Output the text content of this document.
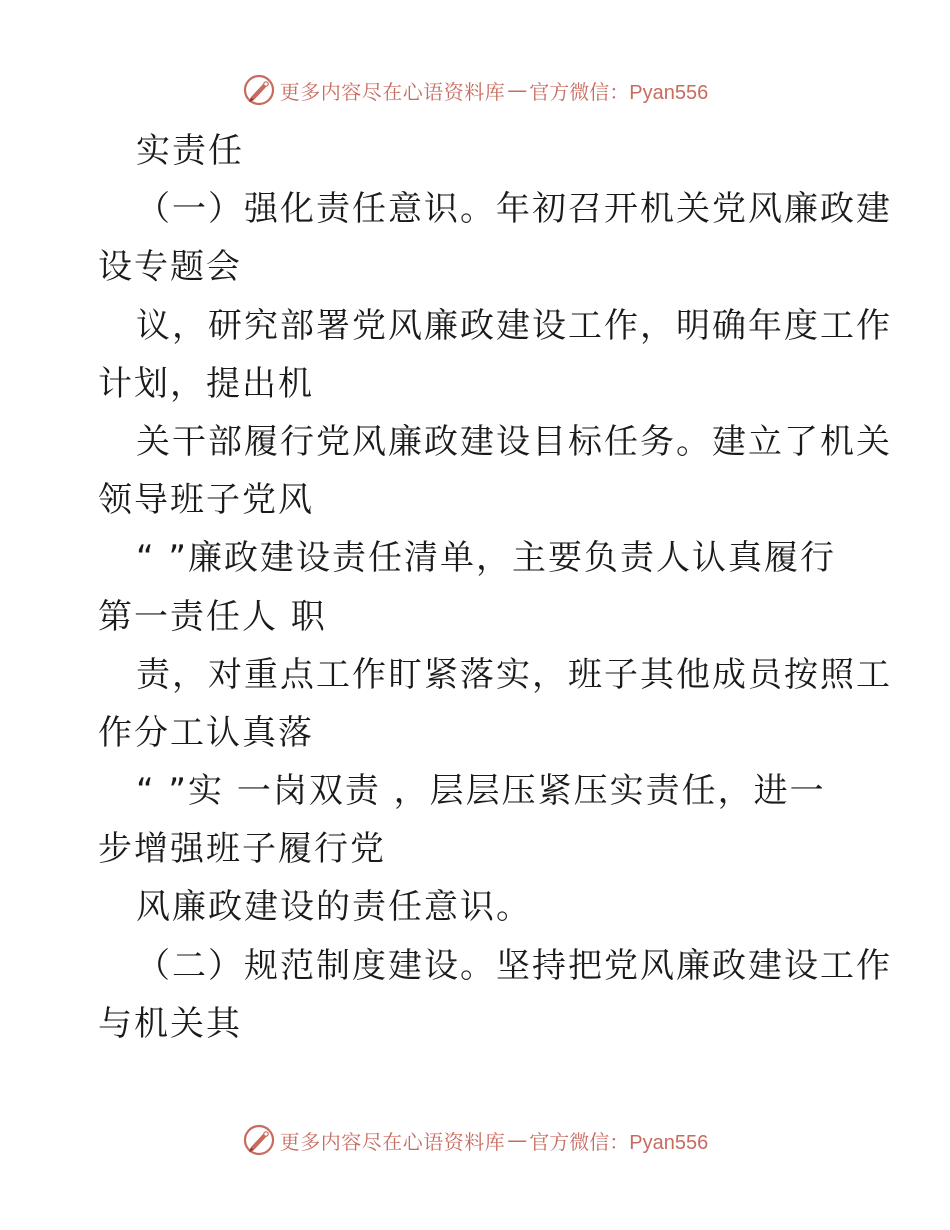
更多内容尽在心语资料库 — 官方微信：Pyan556
实责任
（一）强化责任意识。年初召开机关党风廉政建
设专题会
议，研究部署党风廉政建设工作，明确年度工作
计划，提出机
关干部履行党风廉政建设目标任务。建立了机关
领导班子党风
“ ”廉政建设责任清单，主要负责人认真履行
第一责任人 职
责，对重点工作盯紧落实，班子其他成员按照工
作分工认真落
“ ”实 一岗双责 ，层层压紧压实责任，进一
步增强班子履行党
风廉政建设的责任意识。
（二）规范制度建设。坚持把党风廉政建设工作
与机关其
更多内容尽在心语资料库 — 官方微信：Pyan556
